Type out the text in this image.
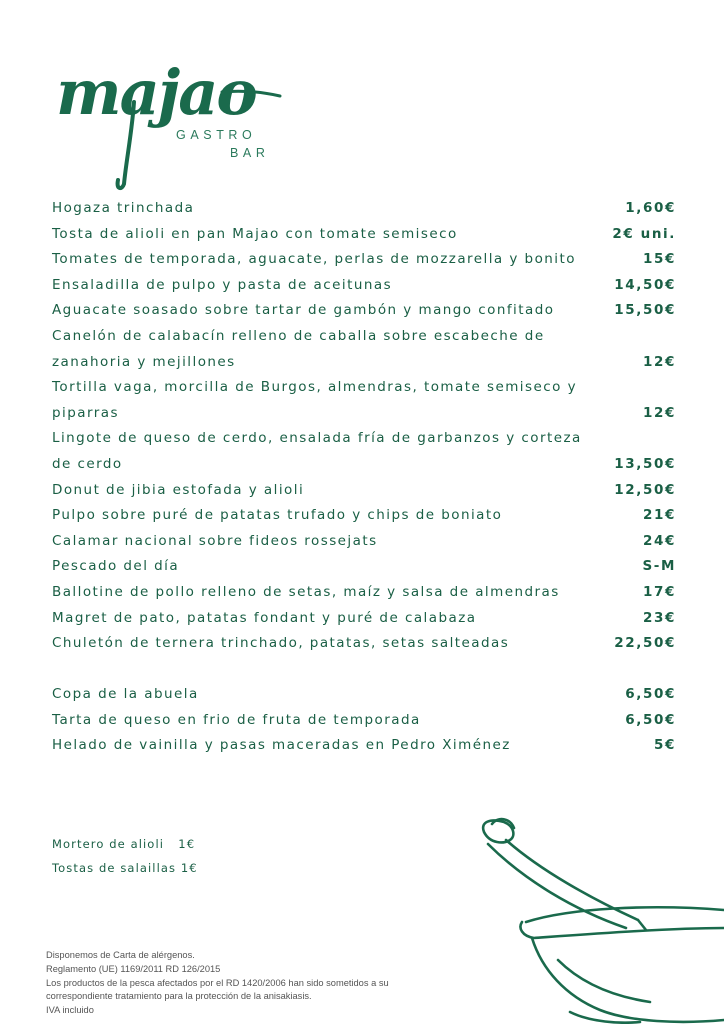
majao
GASTRO
BAR
Hogaza trinchada	1,60€
Tosta de alioli en pan Majao con tomate semiseco	2€ uni.
Tomates de temporada, aguacate, perlas de mozzarella y bonito	15€
Ensaladilla de pulpo y pasta de aceitunas	14,50€
Aguacate soasado sobre tartar de gambón y mango confitado	15,50€
Canelón de calabacín relleno de caballa sobre escabeche de
zanahoria y mejillones	12€
Tortilla vaga, morcilla de Burgos, almendras, tomate semiseco y
piparras	12€
Lingote de queso de cerdo, ensalada fría de garbanzos y corteza
de cerdo	13,50€
Donut de jibia estofada y alioli	12,50€
Pulpo sobre puré de patatas trufado y chips de boniato	21€
Calamar nacional sobre fideos rossejats	24€
Pescado del día	S-M
Ballotine de pollo relleno de setas, maíz y salsa de almendras	17€
Magret de pato, patatas fondant y puré de calabaza	23€
Chuletón de ternera trinchado, patatas, setas salteadas	22,50€
Copa de la abuela	6,50€
Tarta de queso en frio de fruta de temporada	6,50€
Helado de vainilla y pasas maceradas en Pedro Ximénez	5€
Mortero de alioli   1€
Tostas de salaillas 1€
Disponemos de Carta de alérgenos.
Reglamento (UE) 1169/2011 RD 126/2015
Los productos de la pesca afectados por el RD 1420/2006 han sido sometidos a su
correspondiente tratamiento para la protección de la anisakiasis.
IVA incluido
